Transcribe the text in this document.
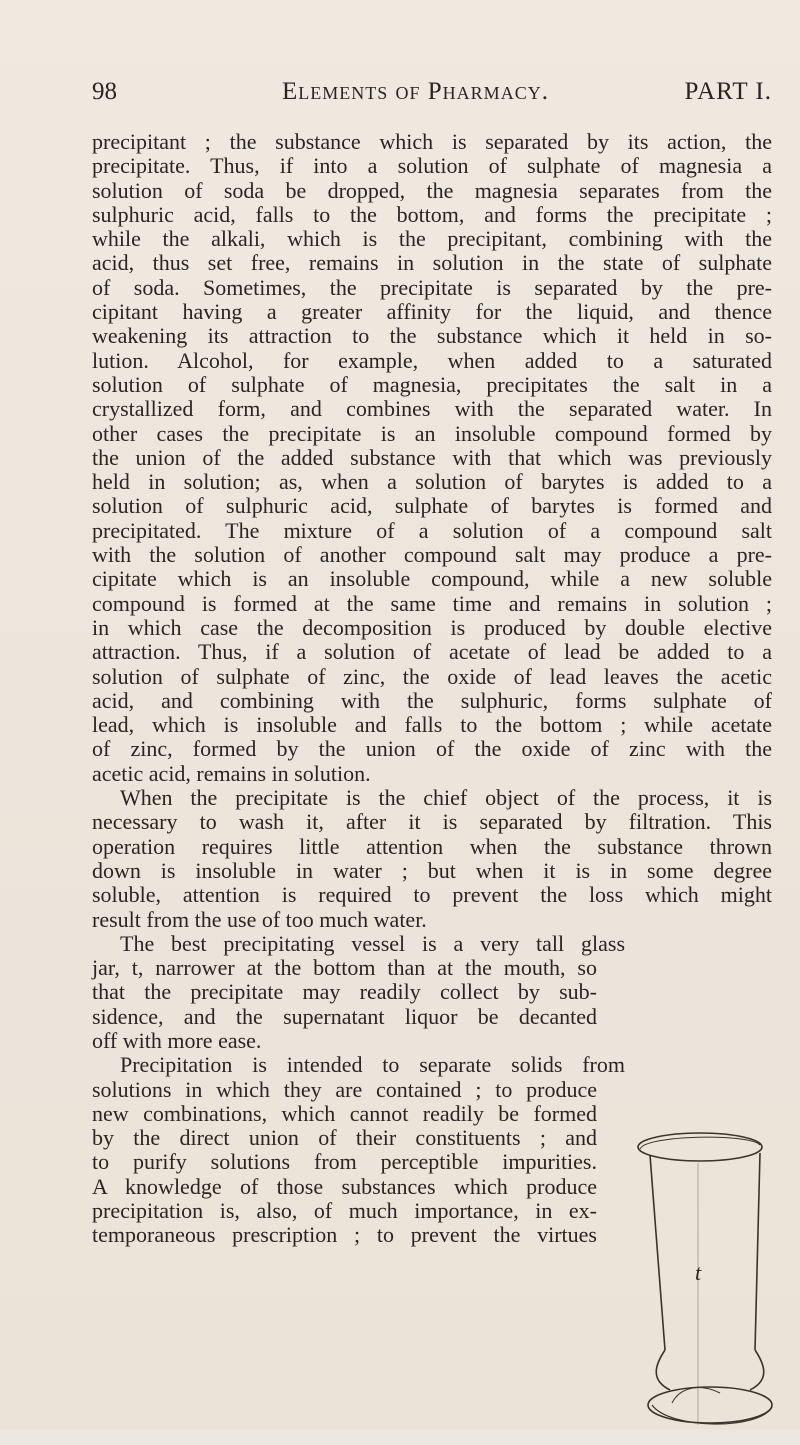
98	Elements of Pharmacy.	PART I.
precipitant ; the substance which is separated by its action, the
precipitate. Thus, if into a solution of sulphate of magnesia a
solution of soda be dropped, the magnesia separates from the
sulphuric acid, falls to the bottom, and forms the precipitate ;
while the alkali, which is the precipitant, combining with the
acid, thus set free, remains in solution in the state of sulphate
of soda. Sometimes, the precipitate is separated by the pre-
cipitant having a greater affinity for the liquid, and thence
weakening its attraction to the substance which it held in so-
lution. Alcohol, for example, when added to a saturated
solution of sulphate of magnesia, precipitates the salt in a
crystallized form, and combines with the separated water. In
other cases the precipitate is an insoluble compound formed by
the union of the added substance with that which was previously
held in solution; as, when a solution of barytes is added to a
solution of sulphuric acid, sulphate of barytes is formed and
precipitated. The mixture of a solution of a compound salt
with the solution of another compound salt may produce a pre-
cipitate which is an insoluble compound, while a new soluble
compound is formed at the same time and remains in solution ;
in which case the decomposition is produced by double elective
attraction. Thus, if a solution of acetate of lead be added to a
solution of sulphate of zinc, the oxide of lead leaves the acetic
acid, and combining with the sulphuric, forms sulphate of
lead, which is insoluble and falls to the bottom ; while acetate
of zinc, formed by the union of the oxide of zinc with the
acetic acid, remains in solution.
When the precipitate is the chief object of the process, it is
necessary to wash it, after it is separated by filtration. This
operation requires little attention when the substance thrown
down is insoluble in water ; but when it is in some degree
soluble, attention is required to prevent the loss which might
result from the use of too much water.
The best precipitating vessel is a very tall glass
jar, t, narrower at the bottom than at the mouth, so
that the precipitate may readily collect by sub-
sidence, and the supernatant liquor be decanted
off with more ease.
Precipitation is intended to separate solids from
solutions in which they are contained ; to produce
new combinations, which cannot readily be formed
by the direct union of their constituents ; and
to purify solutions from perceptible impurities.
A knowledge of those substances which produce
precipitation is, also, of much importance, in ex-
temporaneous prescription ; to prevent the virtues
t
